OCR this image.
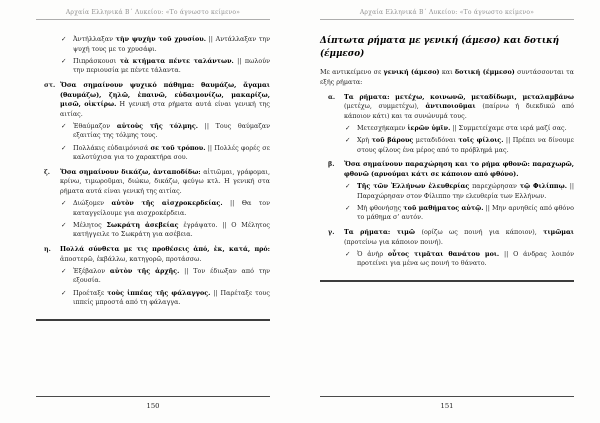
Αρχαία Ελληνικά Β΄ Λυκείου: «Το άγνωστο κείμενο»
✓ Ἀντήλλαξαν τὴν ψυχὴν τοῦ χρυσίου. || Αντάλλαξαν την ψυχή τους με το χρυσάφι.
✓ Πιπράσκουσι τὰ κτήματα πέντε ταλάντων. || πωλούν την περιουσία με πέντε τάλαντα.
στ. Ὅσα σημαίνουν ψυχικό πάθημα: θαυμάζω, ἄγαμαι (θαυμάζω), ζηλῶ, ἐπαινῶ, εὐδαιμονίζω, μακαρίζω, μισῶ, οἰκτίρω. Η γενική στα ρήματα αυτά είναι γενική της αιτίας.
✓ Ἐθαύμαζον αὐτοὺς τῆς τόλμης. || Τους θαύμαζαν εξαιτίας της τόλμης τους.
✓ Πολλάκις εὐδαιμόνισά σε τοῦ τρόπου. || Πολλές φορές σε καλοτύχισα για το χαρακτήρα σου.
ζ. Ὅσα σημαίνουν δικάζω, ἀνταποδίδω: αἰτιῶμαι, γράφομαι, κρίνω, τιμωροῦμαι, διώκω, δικάζω, φεύγω κτλ. Η γενική στα ρήματα αυτά είναι γενική της αιτίας.
✓ Διώξομεν αὐτὸν τῆς αἰσχροκερδείας. || Θα τον καταγγείλουμε για αισχροκέρδεια.
✓ Μέλητος Σωκράτη ἀσεβείας ἐγράψατο. || Ο Μέλητος κατήγγειλε το Σωκράτη για ασέβεια.
η. Πολλά σύνθετα με τις προθέσεις ἀπό, ἐκ, κατά, πρό: ἀποστερῶ, ἐκβάλλω, κατηγορῶ, προτάσσω.
✓ Ἐξέβαλον αὐτὸν τῆς ἀρχῆς. || Τον έδιωξαν από την εξουσία.
✓ Προέταξε τοὺς ἱππέας τῆς φάλαγγος. || Παρέταξε τους ιππείς μπροστά από τη φάλαγγα.
150
Αρχαία Ελληνικά Β΄ Λυκείου: «Το άγνωστο κείμενο»
Δίπτωτα ρήματα με γενική (άμεσο) και δοτική (έμμεσο)
Με αντικείμενο σε γενική (άμεσο) και δοτική (έμμεσο) συντάσσονται τα εξής ρήματα:
α. Τα ρήματα: μετέχω, κοινωνῶ, μεταδίδωμι, μεταλαμβάνω (μετέχω, συμμετέχω), ἀντιποιοῦμαι (παίρνω ή διεκδικώ από κάποιον κάτι) και τα συνώνυμά τους.
✓ Μετεσχήκαμεν ἱερῶν ὑμῖν. || Συμμετείχαμε στα ιερά μαζί σας.
✓ Χρὴ τοῦ βάρους μεταδιδόναι τοῖς φίλοις. || Πρέπει να δίνουμε στους φίλους ένα μέρος από το πρόβλημά μας.
β. Ὅσα σημαίνουν παραχώρηση και το ρήμα φθονῶ: παραχωρῶ, φθονῶ (αρνούμαι κάτι σε κάποιον από φθόνο).
✓ Τῆς τῶν Ἑλλήνων ἐλευθερίας παρεχώρησαν τῷ Φιλίππῳ. || Παραχώρησαν στον Φίλιππο την ελευθερία των Ελλήνων.
✓ Μὴ φθονήσῃς τοῦ μαθήματος αὐτῷ. || Μην αρνηθείς από φθόνο το μάθημα σ’ αυτόν.
γ. Τα ρήματα: τιμῶ (ορίζω ως ποινή για κάποιον), τιμῶμαι (προτείνω για κάποιον ποινή).
✓ Ὁ ἀνὴρ οὗτος τιμᾶται θανάτου μοι. || Ο άνδρας λοιπόν προτείνει για μένα ως ποινή το θάνατο.
151
